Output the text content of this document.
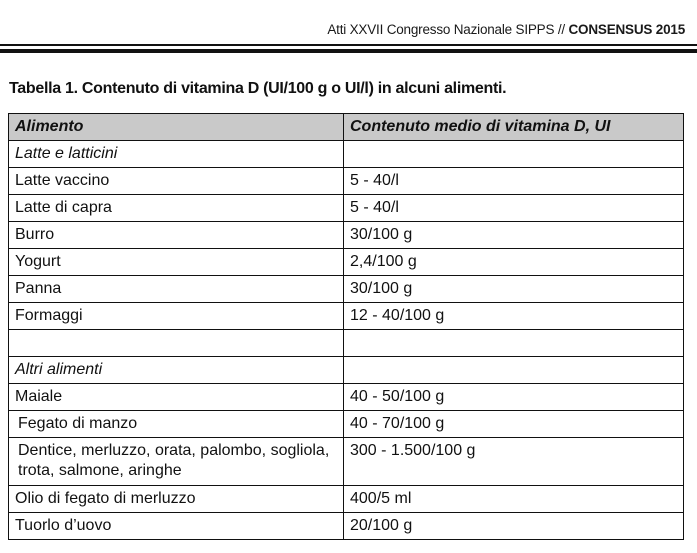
Atti XXVII Congresso Nazionale SIPPS // CONSENSUS 2015
Tabella 1. Contenuto di vitamina D (UI/100 g o UI/l) in alcuni alimenti.
Alimento	Contenuto medio di vitamina D, UI
Latte e latticini	
Latte vaccino	5 - 40/l
Latte di capra	5 - 40/l
Burro	30/100 g
Yogurt	2,4/100 g
Panna	30/100 g
Formaggi	12 - 40/100 g

Altri alimenti	
Maiale	40 - 50/100 g
Fegato di manzo	40 - 70/100 g
Dentice, merluzzo, orata, palombo, sogliola, trota, salmone, aringhe	300 - 1.500/100 g
Olio di fegato di merluzzo	400/5 ml
Tuorlo d’uovo	20/100 g
